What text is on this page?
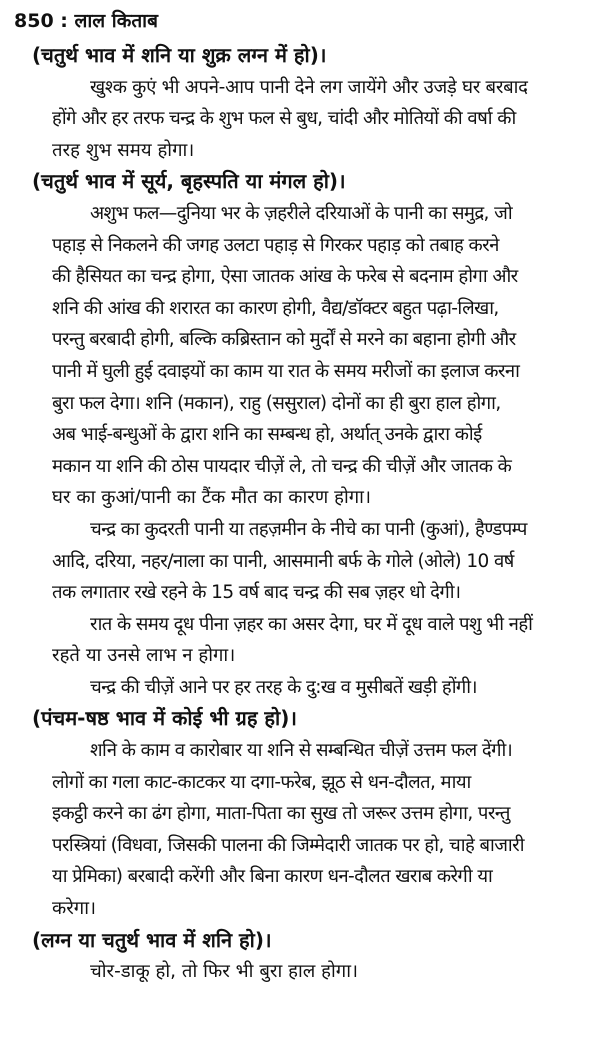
850 : लाल किताब
(चतुर्थ भाव में शनि या शुक्र लग्न में हो)।
खुश्क कुएं भी अपने-आप पानी देने लग जायेंगे और उजड़े घर बरबाद
होंगे और हर तरफ चन्द्र के शुभ फल से बुध, चांदी और मोतियों की वर्षा की
तरह शुभ समय होगा।
(चतुर्थ भाव में सूर्य, बृहस्पति या मंगल हो)।
अशुभ फल—दुनिया भर के ज़हरीले दरियाओं के पानी का समुद्र, जो
पहाड़ से निकलने की जगह उलटा पहाड़ से गिरकर पहाड़ को तबाह करने
की हैसियत का चन्द्र होगा, ऐसा जातक आंख के फरेब से बदनाम होगा और
शनि की आंख की शरारत का कारण होगी, वैद्य/डॉक्टर बहुत पढ़ा-लिखा,
परन्तु बरबादी होगी, बल्कि कब्रिस्तान को मुर्दों से मरने का बहाना होगी और
पानी में घुली हुई दवाइयों का काम या रात के समय मरीजों का इलाज करना
बुरा फल देगा। शनि (मकान), राहु (ससुराल) दोनों का ही बुरा हाल होगा,
अब भाई-बन्धुओं के द्वारा शनि का सम्बन्ध हो, अर्थात् उनके द्वारा कोई
मकान या शनि की ठोस पायदार चीज़ें ले, तो चन्द्र की चीज़ें और जातक के
घर का कुआं/पानी का टैंक मौत का कारण होगा।
चन्द्र का कुदरती पानी या तहज़मीन के नीचे का पानी (कुआं), हैण्डपम्प
आदि, दरिया, नहर/नाला का पानी, आसमानी बर्फ के गोले (ओले) 10 वर्ष
तक लगातार रखे रहने के 15 वर्ष बाद चन्द्र की सब ज़हर धो देगी।
रात के समय दूध पीना ज़हर का असर देगा, घर में दूध वाले पशु भी नहीं
रहते या उनसे लाभ न होगा।
चन्द्र की चीज़ें आने पर हर तरह के दु:ख व मुसीबतें खड़ी होंगी।
(पंचम-षष्ठ भाव में कोई भी ग्रह हो)।
शनि के काम व कारोबार या शनि से सम्बन्धित चीज़ें उत्तम फल देंगी।
लोगों का गला काट-काटकर या दगा-फरेब, झूठ से धन-दौलत, माया
इकट्ठी करने का ढंग होगा, माता-पिता का सुख तो जरूर उत्तम होगा, परन्तु
परस्त्रियां (विधवा, जिसकी पालना की जिम्मेदारी जातक पर हो, चाहे बाजारी
या प्रेमिका) बरबादी करेंगी और बिना कारण धन-दौलत खराब करेगी या
करेगा।
(लग्न या चतुर्थ भाव में शनि हो)।
चोर-डाकू हो, तो फिर भी बुरा हाल होगा।
